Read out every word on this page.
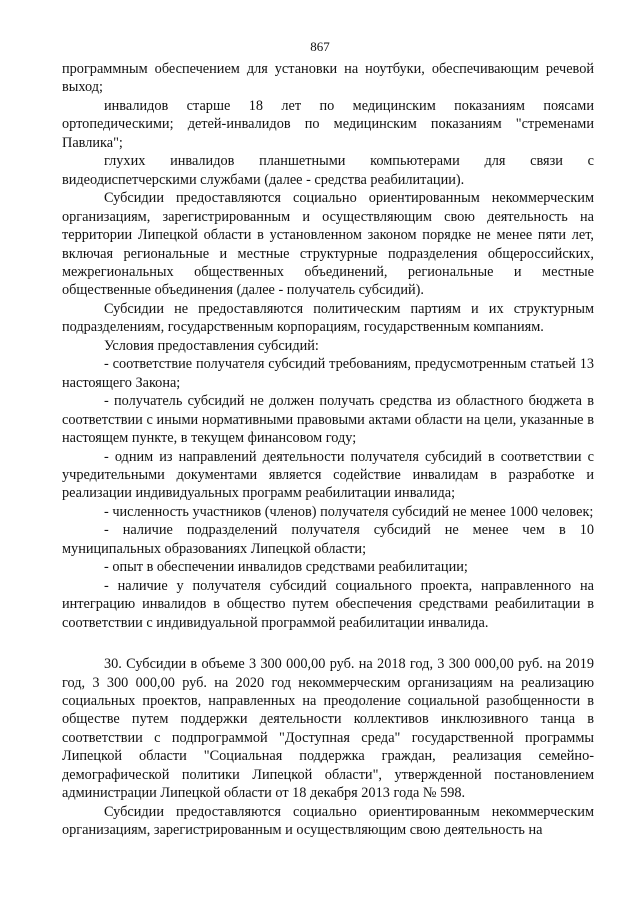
867

программным обеспечением для установки на ноутбуки, обеспечивающим речевой выход;

инвалидов старше 18 лет по медицинским показаниям поясами ортопедическими; детей-инвалидов по медицинским показаниям "стременами Павлика";

глухих инвалидов планшетными компьютерами для связи с видеодиспетчерскими службами (далее - средства реабилитации).

Субсидии предоставляются социально ориентированным некоммерческим организациям, зарегистрированным и осуществляющим свою деятельность на территории Липецкой области в установленном законом порядке не менее пяти лет, включая региональные и местные структурные подразделения общероссийских, межрегиональных общественных объединений, региональные и местные общественные объединения (далее - получатель субсидий).

Субсидии не предоставляются политическим партиям и их структурным подразделениям, государственным корпорациям, государственным компаниям.

Условия предоставления субсидий:

- соответствие получателя субсидий требованиям, предусмотренным статьей 13 настоящего Закона;

- получатель субсидий не должен получать средства из областного бюджета в соответствии с иными нормативными правовыми актами области на цели, указанные в настоящем пункте, в текущем финансовом году;

- одним из направлений деятельности получателя субсидий в соответствии с учредительными документами является содействие инвалидам в разработке и реализации индивидуальных программ реабилитации инвалида;

- численность участников (членов) получателя субсидий не менее 1000 человек;

- наличие подразделений получателя субсидий не менее чем в 10 муниципальных образованиях Липецкой области;

- опыт в обеспечении инвалидов средствами реабилитации;

- наличие у получателя субсидий социального проекта, направленного на интеграцию инвалидов в общество путем обеспечения средствами реабилитации в соответствии с индивидуальной программой реабилитации инвалида.

30. Субсидии в объеме 3 300 000,00 руб. на 2018 год, 3 300 000,00 руб. на 2019 год, 3 300 000,00 руб. на 2020 год некоммерческим организациям на реализацию социальных проектов, направленных на преодоление социальной разобщенности в обществе путем поддержки деятельности коллективов инклюзивного танца в соответствии с подпрограммой "Доступная среда" государственной программы Липецкой области "Социальная поддержка граждан, реализация семейно-демографической политики Липецкой области", утвержденной постановлением администрации Липецкой области от 18 декабря 2013 года № 598.

Субсидии предоставляются социально ориентированным некоммерческим организациям, зарегистрированным и осуществляющим свою деятельность на
